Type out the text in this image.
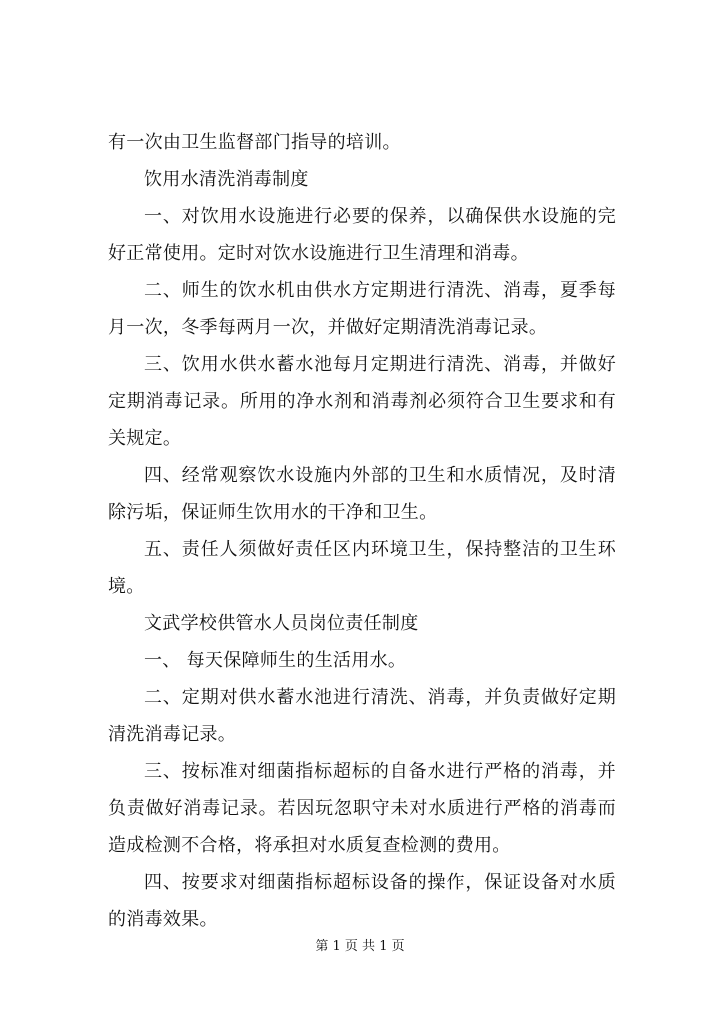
有一次由卫生监督部门指导的培训。

饮用水清洗消毒制度

一、对饮用水设施进行必要的保养，以确保供水设施的完好正常使用。定时对饮水设施进行卫生清理和消毒。

二、师生的饮水机由供水方定期进行清洗、消毒，夏季每月一次，冬季每两月一次，并做好定期清洗消毒记录。

三、饮用水供水蓄水池每月定期进行清洗、消毒，并做好定期消毒记录。所用的净水剂和消毒剂必须符合卫生要求和有关规定。

四、经常观察饮水设施内外部的卫生和水质情况，及时清除污垢，保证师生饮用水的干净和卫生。

五、责任人须做好责任区内环境卫生，保持整洁的卫生环境。

文武学校供管水人员岗位责任制度

一、 每天保障师生的生活用水。

二、定期对供水蓄水池进行清洗、消毒，并负责做好定期清洗消毒记录。

三、按标准对细菌指标超标的自备水进行严格的消毒，并负责做好消毒记录。若因玩忽职守未对水质进行严格的消毒而造成检测不合格，将承担对水质复查检测的费用。

四、按要求对细菌指标超标设备的操作，保证设备对水质的消毒效果。

第 1 页 共 1 页
